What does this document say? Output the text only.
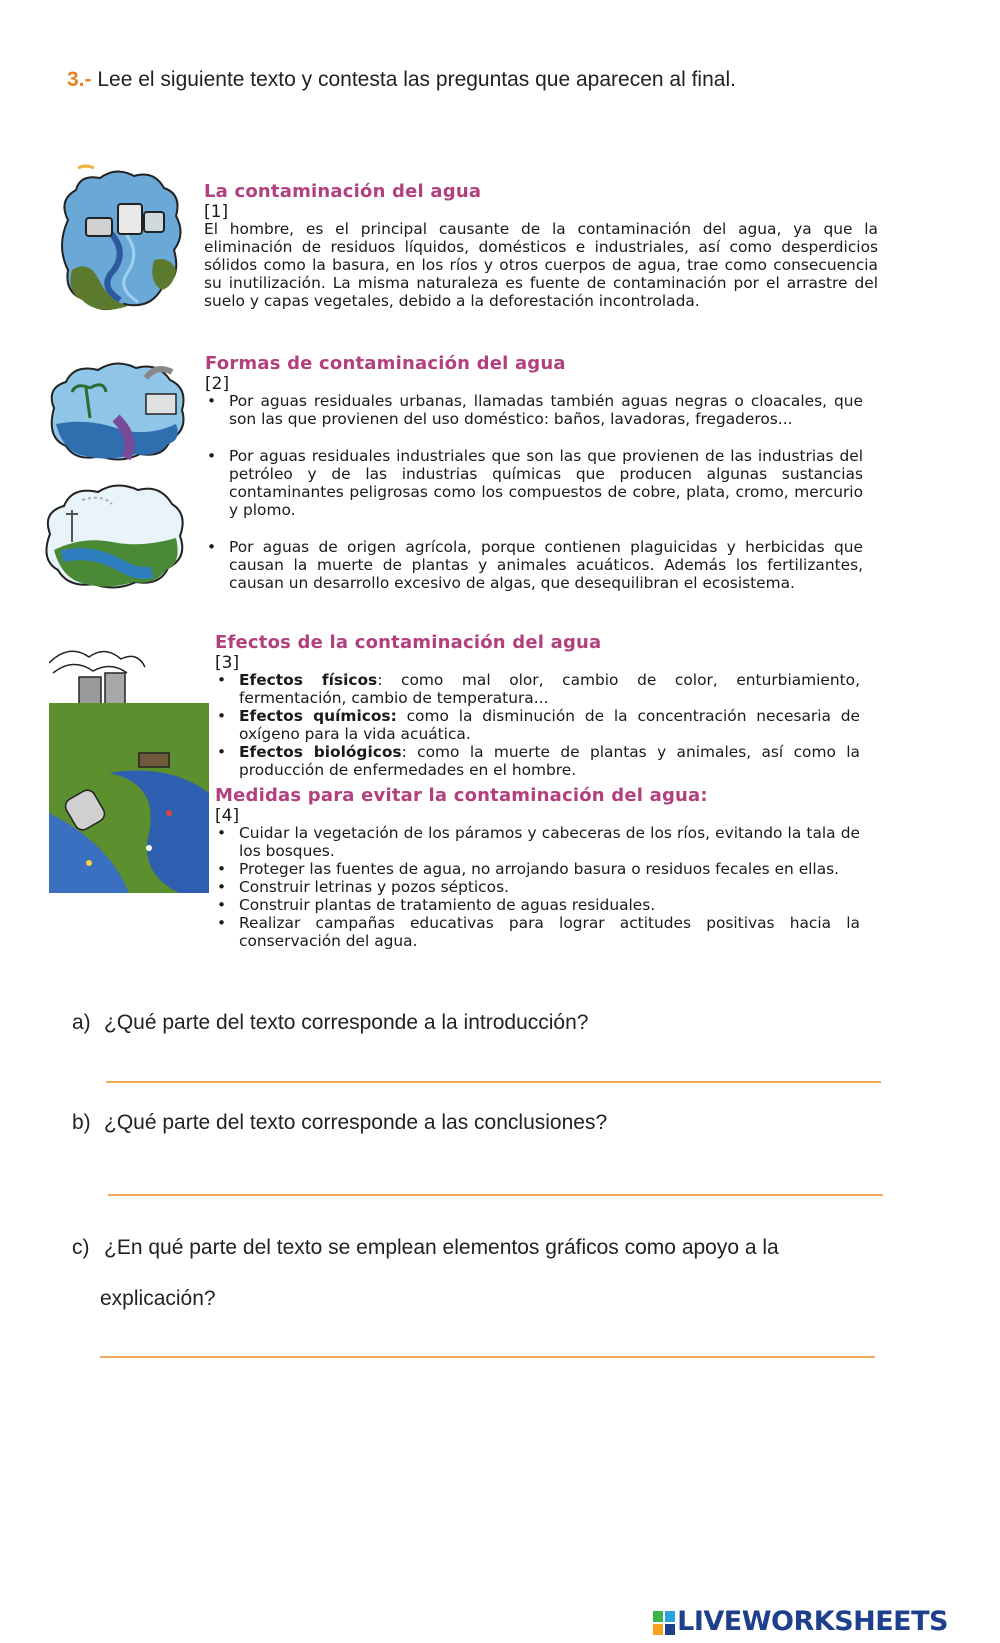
3.- Lee el siguiente texto y contesta las preguntas que aparecen al final.
La contaminación del agua
[1]
El hombre, es el principal causante de la contaminación del agua, ya que la eliminación de residuos líquidos, domésticos e industriales, así como desperdicios sólidos como la basura, en los ríos y otros cuerpos de agua, trae como consecuencia su inutilización. La misma naturaleza es fuente de contaminación por el arrastre del suelo y capas vegetales, debido a la deforestación incontrolada.
Formas de contaminación del agua
[2]
• Por aguas residuales urbanas, llamadas también aguas negras o cloacales, que son las que provienen del uso doméstico: baños, lavadoras, fregaderos...
• Por aguas residuales industriales que son las que provienen de las industrias del petróleo y de las industrias químicas que producen algunas sustancias contaminantes peligrosas como los compuestos de cobre, plata, cromo, mercurio y plomo.
• Por aguas de origen agrícola, porque contienen plaguicidas y herbicidas que causan la muerte de plantas y animales acuáticos. Además los fertilizantes, causan un desarrollo excesivo de algas, que desequilibran el ecosistema.
Efectos de la contaminación del agua
[3]
• Efectos físicos: como mal olor, cambio de color, enturbiamiento, fermentación, cambio de temperatura...
• Efectos químicos: como la disminución de la concentración necesaria de oxígeno para la vida acuática.
• Efectos biológicos: como la muerte de plantas y animales, así como la producción de enfermedades en el hombre.
Medidas para evitar la contaminación del agua:
[4]
• Cuidar la vegetación de los páramos y cabeceras de los ríos, evitando la tala de los bosques.
• Proteger las fuentes de agua, no arrojando basura o residuos fecales en ellas.
• Construir letrinas y pozos sépticos.
• Construir plantas de tratamiento de aguas residuales.
• Realizar campañas educativas para lograr actitudes positivas hacia la conservación del agua.
a) ¿Qué parte del texto corresponde a la introducción?
b) ¿Qué parte del texto corresponde a las conclusiones?
c) ¿En qué parte del texto se emplean elementos gráficos como apoyo a la
explicación?
LIVEWORKSHEETS
